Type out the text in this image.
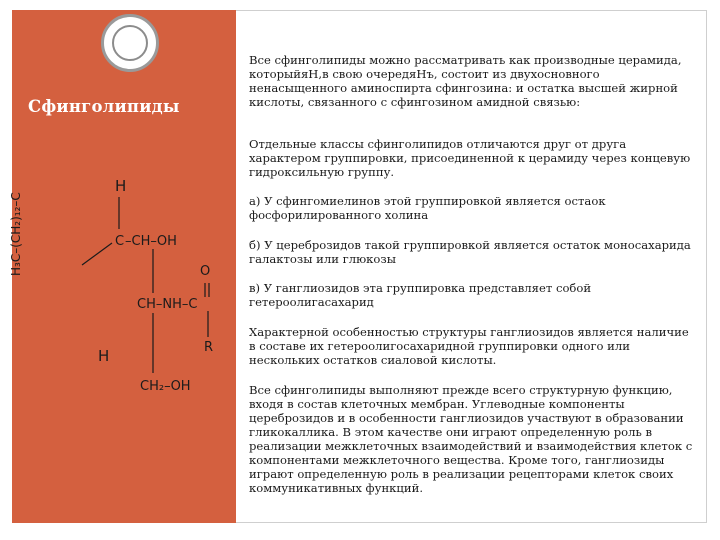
Сфинголипиды
H
H₃C–(CH₂)₁₂–C	C –CH–OH
CH–NH–C
O
H	R
CH₂–OH

Все сфинголипиды можно рассматривать как производные церамида, которыйяН,в свою очередяНъ, состоит из двухосновного ненасыщенного аминоспирта сфингозина: и остатка высшей жирной кислоты, связанного с сфингозином амидной связью:

Отдельные классы сфинголипидов отличаются друг от друга характером группировки, присоединенной к церамиду через концевую гидроксильную группу.

а) У сфингомиелинов этой группировкой является остаок фосфорилированного холина

б) У цереброзидов такой группировкой является остаток моносахарида галактозы или глюкозы

в) У ганглиозидов эта группировка представляет собой гетероолигасахарид

Характерной особенностью структуры ганглиозидов является наличие в составе их гетероолигосахаридной группировки одного или нескольких остатков сиаловой кислоты.

Все сфинголипиды выполняют прежде всего структурную функцию, входя в состав клеточных мембран. Углеводные компоненты цереброзидов и в особенности ганглиозидов участвуют в образовании гликокаллика. В этом качестве они играют определенную роль в реализации межклеточных взаимодействий и взаимодействия клеток с компонентами межклеточного вещества. Кроме того, ганглиозиды играют определенную роль в реализации рецепторами клеток своих коммуникативных функций.
